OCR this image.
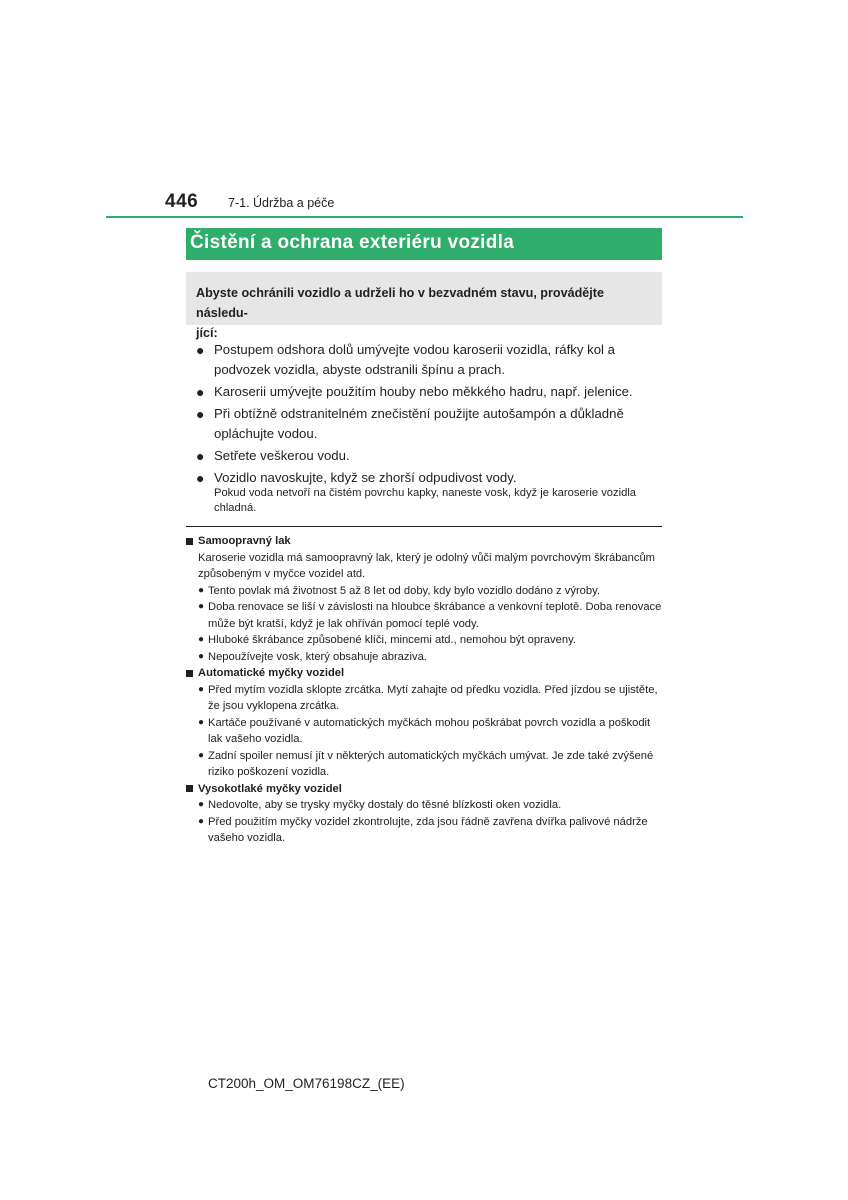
446 7-1. Údržba a péče
Čistění a ochrana exteriéru vozidla
Abyste ochránili vozidlo a udrželi ho v bezvadném stavu, provádějte následu-
jící:
● Postupem odshora dolů umývejte vodou karoserii vozidla, ráfky kol a podvozek vozidla, abyste odstranili špínu a prach.
● Karoserii umývejte použitím houby nebo měkkého hadru, např. jelenice.
● Při obtížně odstranitelném znečistění použijte autošampón a důkladně opláchujte vodou.
● Setřete veškerou vodu.
● Vozidlo navoskujte, když se zhorší odpudivost vody.
Pokud voda netvoří na čistém povrchu kapky, naneste vosk, když je karoserie vozidla chladná.
Samoopravný lak
Karoserie vozidla má samoopravný lak, který je odolný vůči malým povrchovým škrábancům způsobeným v myčce vozidel atd.
● Tento povlak má životnost 5 až 8 let od doby, kdy bylo vozidlo dodáno z výroby.
● Doba renovace se liší v závislosti na hloubce škrábance a venkovní teplotě. Doba renovace může být kratší, když je lak ohříván pomocí teplé vody.
● Hluboké škrábance způsobené klíči, mincemi atd., nemohou být opraveny.
● Nepoužívejte vosk, který obsahuje abraziva.
Automatické myčky vozidel
● Před mytím vozidla sklopte zrcátka. Mytí zahajte od předku vozidla. Před jízdou se ujistěte, že jsou vyklopena zrcátka.
● Kartáče používané v automatických myčkách mohou poškrábat povrch vozidla a poškodit lak vašeho vozidla.
● Zadní spoiler nemusí jít v některých automatických myčkách umývat. Je zde také zvýšené riziko poškození vozidla.
Vysokotlaké myčky vozidel
● Nedovolte, aby se trysky myčky dostaly do těsné blízkosti oken vozidla.
● Před použitím myčky vozidel zkontrolujte, zda jsou řádně zavřena dvířka palivové nádrže vašeho vozidla.
CT200h_OM_OM76198CZ_(EE)
